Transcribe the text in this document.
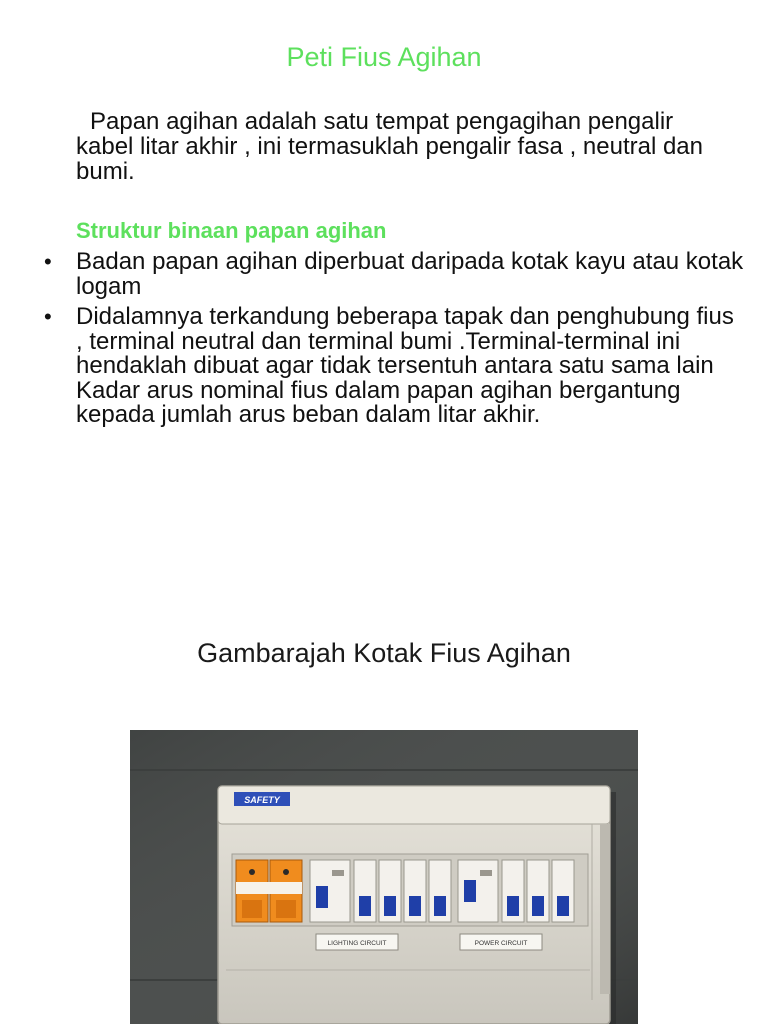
Peti Fius Agihan
Papan agihan adalah satu tempat pengagihan pengalir kabel litar akhir , ini termasuklah pengalir fasa , neutral dan bumi.
Struktur binaan papan agihan
• Badan papan agihan diperbuat daripada kotak kayu atau kotak logam
• Didalamnya terkandung beberapa tapak dan penghubung fius , terminal neutral dan terminal bumi .Terminal-terminal ini hendaklah dibuat agar tidak tersentuh antara satu sama lain Kadar arus nominal fius dalam papan agihan bergantung kepada jumlah arus beban dalam litar akhir.
Gambarajah Kotak Fius Agihan
SAFETY
LIGHTING CIRCUIT	POWER CIRCUIT
